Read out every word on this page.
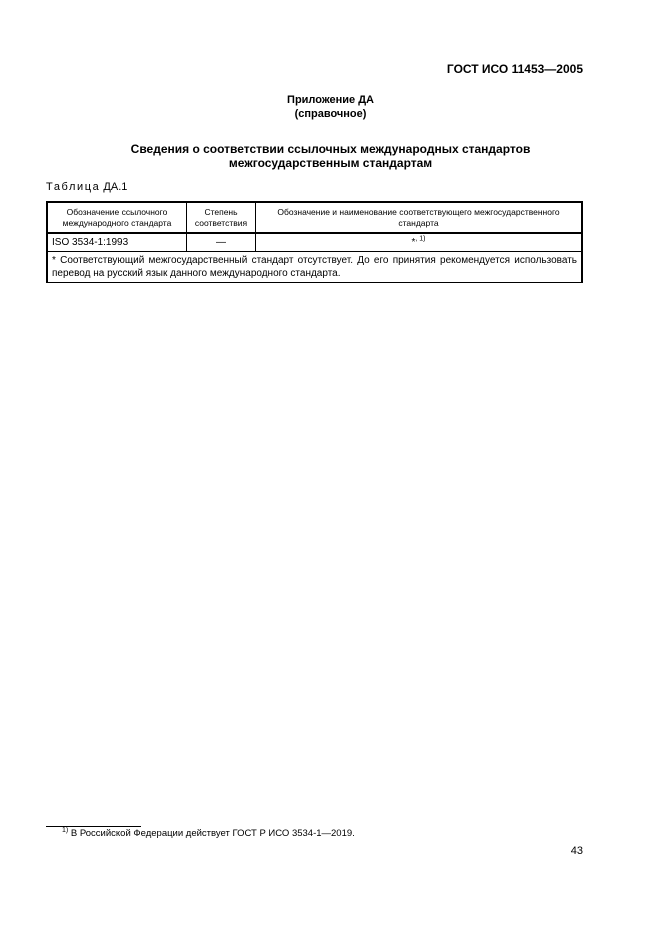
ГОСТ ИСО 11453—2005
Приложение ДА
(справочное)
Сведения о соответствии ссылочных международных стандартов
межгосударственным стандартам
Таблица ДА.1
Обозначение ссылочного международного стандарта	Степень соответствия	Обозначение и наименование соответствующего межгосударственного стандарта
ISO 3534-1:1993	—	*$^{, 1)}$
* Соответствующий межгосударственный стандарт отсутствует. До его принятия рекомендуется использовать перевод на русский язык данного международного стандарта.		
$^{1)}$ В Российской Федерации действует ГОСТ Р ИСО 3534-1—2019.
43
